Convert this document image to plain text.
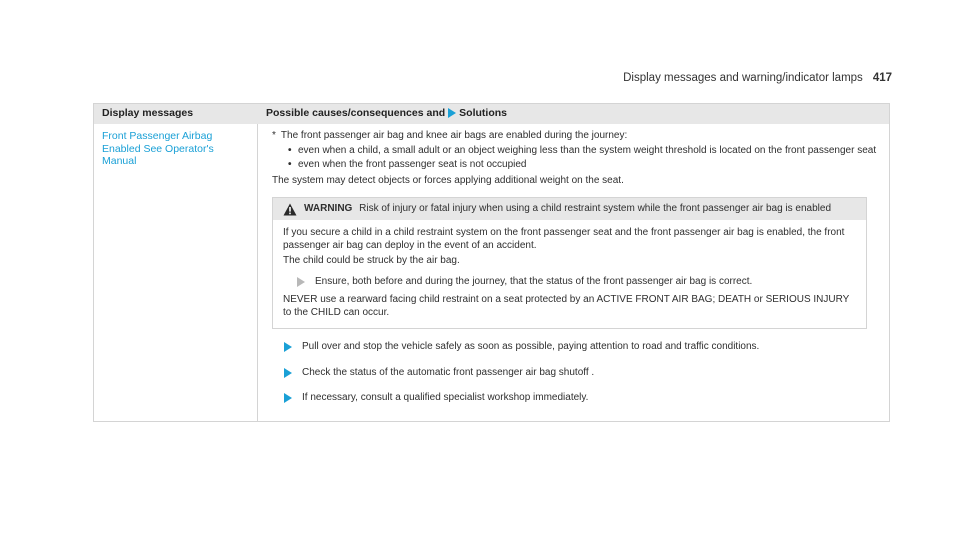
Display messages and warning/indicator lamps 417
Display messages	Possible causes/consequences and Solutions
Front Passenger Airbag Enabled See Operator's Manual
* The front passenger air bag and knee air bags are enabled during the journey:
• even when a child, a small adult or an object weighing less than the system weight threshold is located on the front passenger seat
• even when the front passenger seat is not occupied
The system may detect objects or forces applying additional weight on the seat.
WARNING Risk of injury or fatal injury when using a child restraint system while the front passenger air bag is enabled
If you secure a child in a child restraint system on the front passenger seat and the front passenger air bag is enabled, the front passenger air bag can deploy in the event of an accident.
The child could be struck by the air bag.
Ensure, both before and during the journey, that the status of the front passenger air bag is correct.
NEVER use a rearward facing child restraint on a seat protected by an ACTIVE FRONT AIR BAG; DEATH or SERIOUS INJURY to the CHILD can occur.
Pull over and stop the vehicle safely as soon as possible, paying attention to road and traffic conditions.
Check the status of the automatic front passenger air bag shutoff .
If necessary, consult a qualified specialist workshop immediately.
